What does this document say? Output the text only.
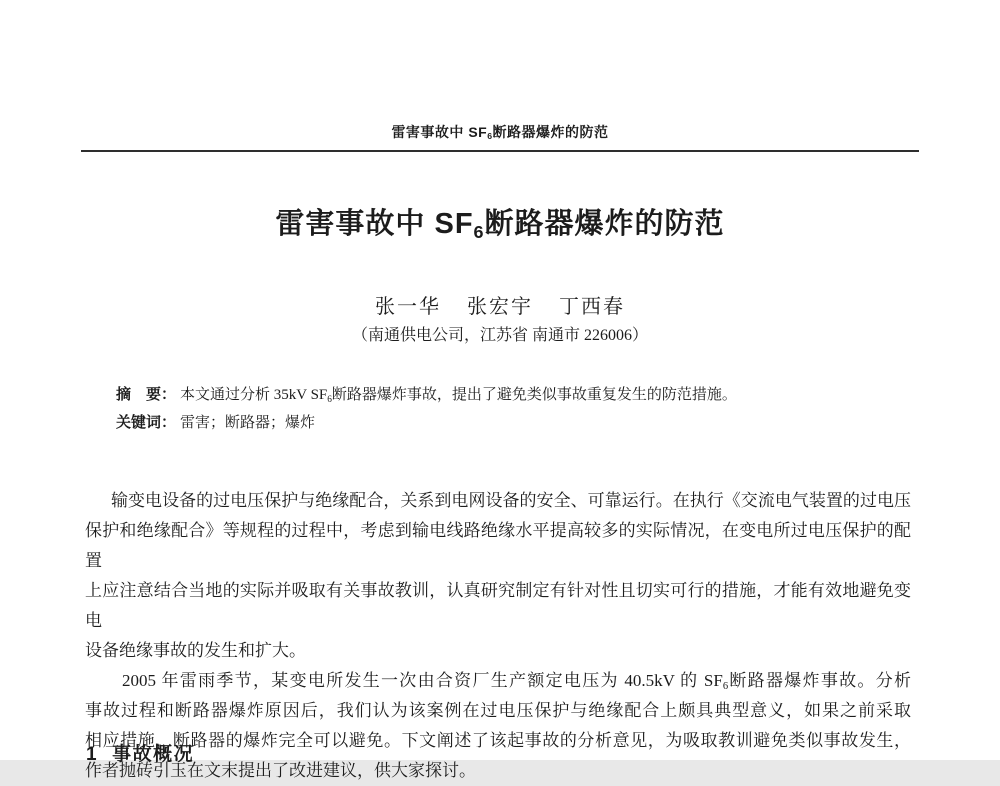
雷害事故中 SF6断路器爆炸的防范
雷害事故中 SF6断路器爆炸的防范
张一华 张宏宇 丁西春
（南通供电公司，江苏省 南通市 226006）
摘　要： 本文通过分析 35kV SF6断路器爆炸事故，提出了避免类似事故重复发生的防范措施。
关键词： 雷害；断路器；爆炸
输变电设备的过电压保护与绝缘配合，关系到电网设备的安全、可靠运行。在执行《交流电气装置的过电压
保护和绝缘配合》等规程的过程中，考虑到输电线路绝缘水平提高较多的实际情况，在变电所过电压保护的配置
上应注意结合当地的实际并吸取有关事故教训，认真研究制定有针对性且切实可行的措施，才能有效地避免变电
设备绝缘事故的发生和扩大。
2005 年雷雨季节，某变电所发生一次由合资厂生产额定电压为 40.5kV 的 SF6断路器爆炸事故。分析
事故过程和断路器爆炸原因后，我们认为该案例在过电压保护与绝缘配合上颇具典型意义，如果之前采取
相应措施，断路器的爆炸完全可以避免。下文阐述了该起事故的分析意见，为吸取教训避免类似事故发生，
作者抛砖引玉在文末提出了改进建议，供大家探讨。
1 事故概况
